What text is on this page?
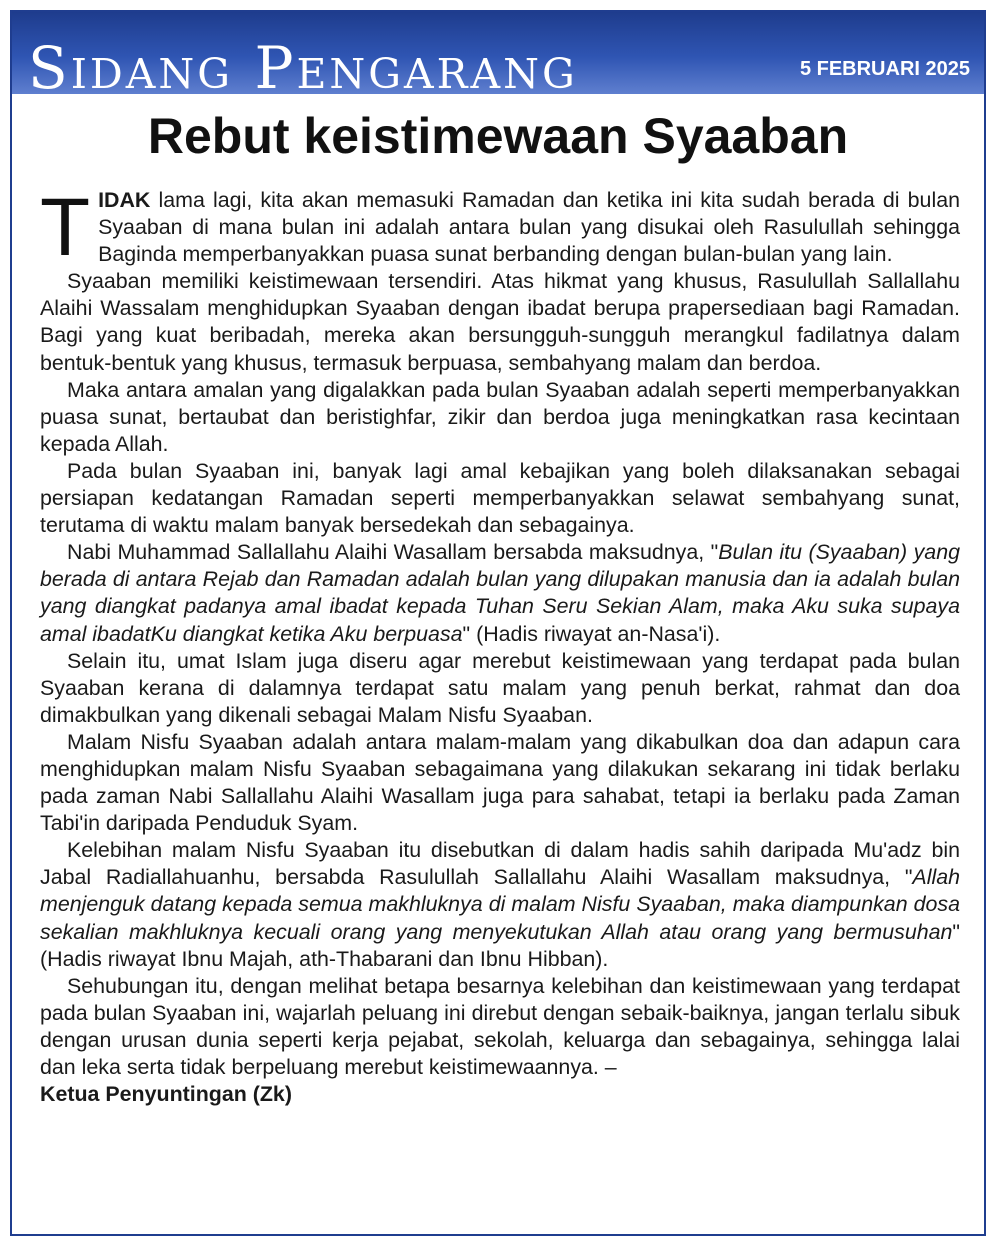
Sidang Pengarang	5 FEBRUARI 2025
Rebut keistimewaan Syaaban

TIDAK lama lagi, kita akan memasuki Ramadan dan ketika ini kita sudah berada di bulan Syaaban di mana bulan ini adalah antara bulan yang disukai oleh Rasulullah sehingga Baginda memperbanyakkan puasa sunat berbanding dengan bulan-bulan yang lain.

Syaaban memiliki keistimewaan tersendiri. Atas hikmat yang khusus, Rasulullah Sallallahu Alaihi Wassalam menghidupkan Syaaban dengan ibadat berupa prapersediaan bagi Ramadan. Bagi yang kuat beribadah, mereka akan bersungguh-sungguh merangkul fadilatnya dalam bentuk-bentuk yang khusus, termasuk berpuasa, sembahyang malam dan berdoa.

Maka antara amalan yang digalakkan pada bulan Syaaban adalah seperti memperbanyakkan puasa sunat, bertaubat dan beristighfar, zikir dan berdoa juga meningkatkan rasa kecintaan kepada Allah.

Pada bulan Syaaban ini, banyak lagi amal kebajikan yang boleh dilaksanakan sebagai persiapan kedatangan Ramadan seperti memperbanyakkan selawat sembahyang sunat, terutama di waktu malam banyak bersedekah dan sebagainya.

Nabi Muhammad Sallallahu Alaihi Wasallam bersabda maksudnya, "Bulan itu (Syaaban) yang berada di antara Rejab dan Ramadan adalah bulan yang dilupakan manusia dan ia adalah bulan yang diangkat padanya amal ibadat kepada Tuhan Seru Sekian Alam, maka Aku suka supaya amal ibadatKu diangkat ketika Aku berpuasa" (Hadis riwayat an-Nasa'i).

Selain itu, umat Islam juga diseru agar merebut keistimewaan yang terdapat pada bulan Syaaban kerana di dalamnya terdapat satu malam yang penuh berkat, rahmat dan doa dimakbulkan yang dikenali sebagai Malam Nisfu Syaaban.

Malam Nisfu Syaaban adalah antara malam-malam yang dikabulkan doa dan adapun cara menghidupkan malam Nisfu Syaaban sebagaimana yang dilakukan sekarang ini tidak berlaku pada zaman Nabi Sallallahu Alaihi Wasallam juga para sahabat, tetapi ia berlaku pada Zaman Tabi'in daripada Penduduk Syam.

Kelebihan malam Nisfu Syaaban itu disebutkan di dalam hadis sahih daripada Mu'adz bin Jabal Radiallahuanhu, bersabda Rasulullah Sallallahu Alaihi Wasallam maksudnya, "Allah menjenguk datang kepada semua makhluknya di malam Nisfu Syaaban, maka diampunkan dosa sekalian makhluknya kecuali orang yang menyekutukan Allah atau orang yang bermusuhan" (Hadis riwayat Ibnu Majah, ath-Thabarani dan Ibnu Hibban).

Sehubungan itu, dengan melihat betapa besarnya kelebihan dan keistimewaan yang terdapat pada bulan Syaaban ini, wajarlah peluang ini direbut dengan sebaik-baiknya, jangan terlalu sibuk dengan urusan dunia seperti kerja pejabat, sekolah, keluarga dan sebagainya, sehingga lalai dan leka serta tidak berpeluang merebut keistimewaannya. –

Ketua Penyuntingan (Zk)
